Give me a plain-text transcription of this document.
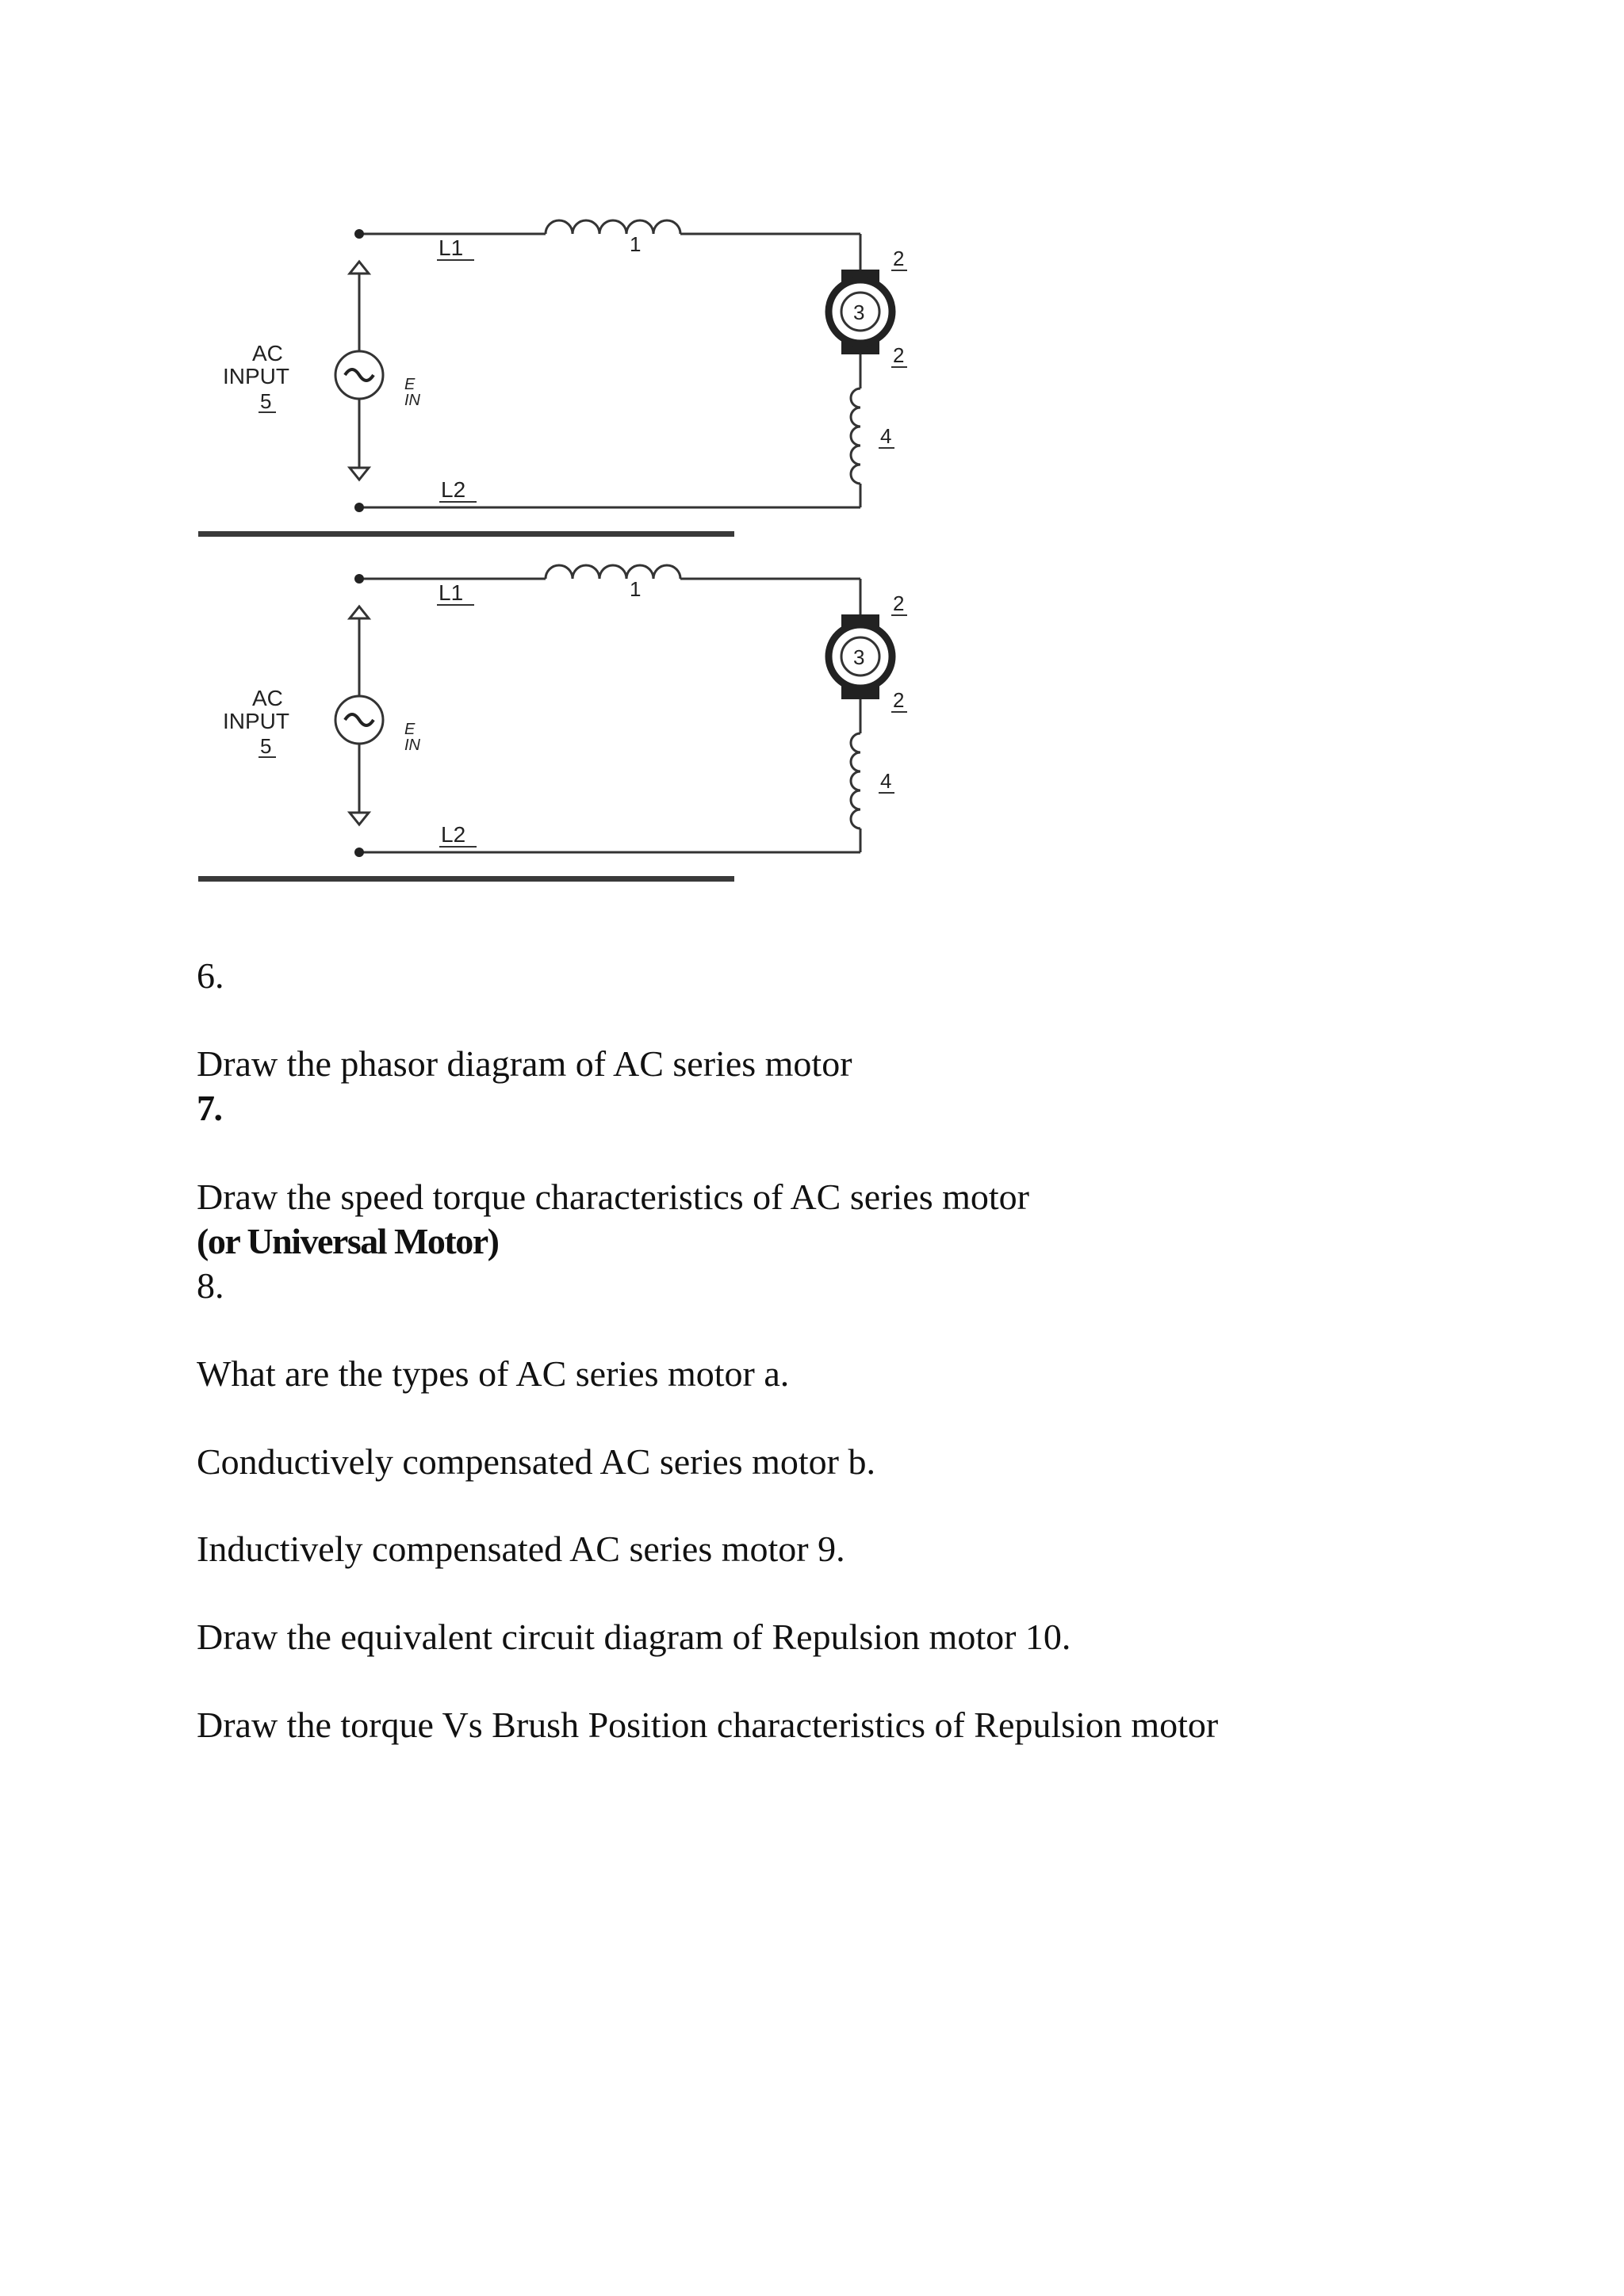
L1	1
2
3
2
4
L2
AC
INPUT
5
E
IN
L1	1
2
3
2
4
L2
AC
INPUT
5
E
IN
6.
Draw the phasor diagram of AC series motor
7.
Draw the speed torque characteristics of AC series motor
(or Universal Motor)
8.
What are the types of AC series motor a.
Conductively compensated AC series motor b.
Inductively compensated AC series motor 9.
Draw the equivalent circuit diagram of Repulsion motor 10.
Draw the torque Vs Brush Position characteristics of Repulsion motor
